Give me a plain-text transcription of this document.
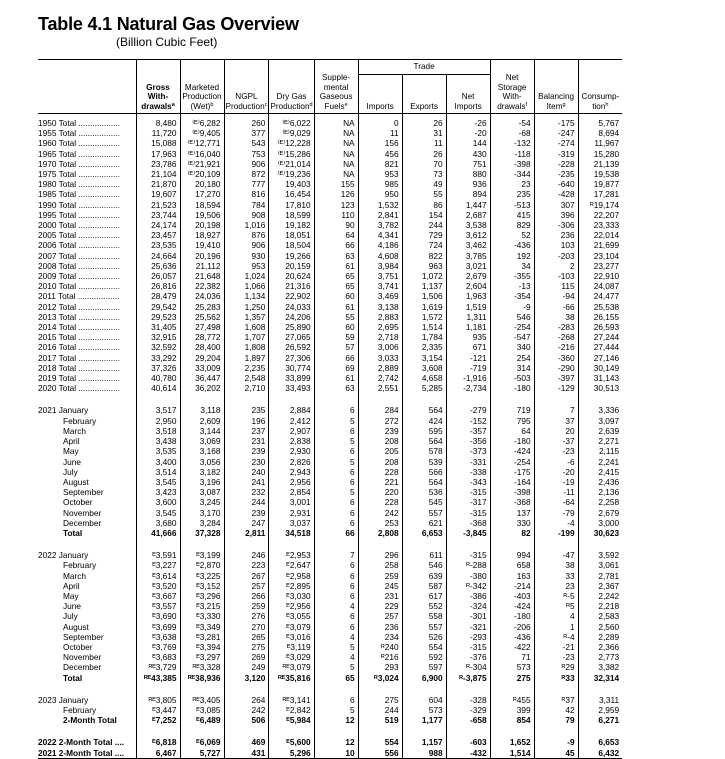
Table 4.1 Natural Gas Overview
(Billion Cubic Feet)
	Gross With- drawals$^a$	Marketed Production (Wet)$^b$	NGPL Production$^c$	Dry Gas Production$^d$	Supple- mental Gaseous Fuels$^e$	Trade			Net Storage With- drawals$^f$	Balancing Item$^g$	Consump- tion$^h$
						Imports	Exports	Net Imports			
1950 Total ..................	8,480	⁽ᴱ⁾6,282	260	⁽ᴱ⁾6,022	NA	0	26	-26	-54	-175	5,767
1955 Total ..................	11,720	⁽ᴱ⁾9,405	377	⁽ᴱ⁾9,029	NA	11	31	-20	-68	-247	8,694
1960 Total ..................	15,088	⁽ᴱ⁾12,771	543	⁽ᴱ⁾12,228	NA	156	11	144	-132	-274	11,967
1965 Total ..................	17,963	⁽ᴱ⁾16,040	753	⁽ᴱ⁾15,286	NA	456	26	430	-118	-319	15,280
1970 Total ..................	23,786	⁽ᴱ⁾21,921	906	⁽ᴱ⁾21,014	NA	821	70	751	-398	-228	21,139
1975 Total ..................	21,104	⁽ᴱ⁾20,109	872	⁽ᴱ⁾19,236	NA	953	73	880	-344	-235	19,538
1980 Total ..................	21,870	20,180	777	19,403	155	985	49	936	23	-640	19,877
1985 Total ..................	19,607	17,270	816	16,454	126	950	55	894	235	-428	17,281
1990 Total ..................	21,523	18,594	784	17,810	123	1,532	86	1,447	-513	307	ᴿ19,174
1995 Total ..................	23,744	19,506	908	18,599	110	2,841	154	2,687	415	396	22,207
2000 Total ..................	24,174	20,198	1,016	19,182	90	3,782	244	3,538	829	-306	23,333
2005 Total ..................	23,457	18,927	876	18,051	64	4,341	729	3,612	52	236	22,014
2006 Total ..................	23,535	19,410	906	18,504	66	4,186	724	3,462	-436	103	21,699
2007 Total ..................	24,664	20,196	930	19,266	63	4,608	822	3,785	192	-203	23,104
2008 Total ..................	25,636	21,112	953	20,159	61	3,984	963	3,021	34	2	23,277
2009 Total ..................	26,057	21,648	1,024	20,624	65	3,751	1,072	2,679	-355	-103	22,910
2010 Total ..................	26,816	22,382	1,066	21,316	65	3,741	1,137	2,604	-13	115	24,087
2011 Total ..................	28,479	24,036	1,134	22,902	60	3,469	1,506	1,963	-354	-94	24,477
2012 Total ..................	29,542	25,283	1,250	24,033	61	3,138	1,619	1,519	-9	-66	25,538
2013 Total ..................	29,523	25,562	1,357	24,206	55	2,883	1,572	1,311	546	38	26,155
2014 Total ..................	31,405	27,498	1,608	25,890	60	2,695	1,514	1,181	-254	-283	26,593
2015 Total ..................	32,915	28,772	1,707	27,065	59	2,718	1,784	935	-547	-268	27,244
2016 Total ..................	32,592	28,400	1,808	26,592	57	3,006	2,335	671	340	-216	27,444
2017 Total ..................	33,292	29,204	1,897	27,306	66	3,033	3,154	-121	254	-360	27,146
2018 Total ..................	37,326	33,009	2,235	30,774	69	2,889	3,608	-719	314	-290	30,149
2019 Total ..................	40,780	36,447	2,548	33,899	61	2,742	4,658	-1,916	-503	-397	31,143
2020 Total ..................	40,614	36,202	2,710	33,493	63	2,551	5,285	-2,734	-180	-129	30,513

2021 January	3,517	3,118	235	2,884	6	284	564	-279	719	7	3,336
February	2,950	2,609	196	2,412	5	272	424	-152	795	37	3,097
March	3,518	3,144	237	2,907	6	239	595	-357	64	20	2,639
April	3,438	3,069	231	2,838	5	208	564	-356	-180	-37	2,271
May	3,535	3,168	239	2,930	6	205	578	-373	-424	-23	2,115
June	3,400	3,056	230	2,826	5	208	539	-331	-254	-6	2,241
July	3,514	3,182	240	2,943	6	228	566	-338	-175	-20	2,415
August	3,545	3,196	241	2,956	6	221	564	-343	-164	-19	2,436
September	3,423	3,087	232	2,854	5	220	536	-315	-398	-11	2,136
October	3,600	3,245	244	3,001	6	228	545	-317	-368	-64	2,258
November	3,545	3,170	239	2,931	6	242	557	-315	137	-79	2,679
December	3,680	3,284	247	3,037	6	253	621	-368	330	-4	3,000
Total	41,666	37,328	2,811	34,518	66	2,808	6,653	-3,845	82	-199	30,623

2022 January	ᴱ3,591	ᴱ3,199	246	ᴱ2,953	7	296	611	-315	994	-47	3,592
February	ᴱ3,227	ᴱ2,870	223	ᴱ2,647	6	258	546	ᴿ-288	658	38	3,061
March	ᴱ3,614	ᴱ3,225	267	ᴱ2,958	6	259	639	-380	163	33	2,781
April	ᴱ3,520	ᴱ3,152	257	ᴱ2,895	6	245	587	ᴿ-342	-214	23	2,367
May	ᴱ3,667	ᴱ3,296	266	ᴱ3,030	6	231	617	-386	-403	ᴿ-5	2,242
June	ᴱ3,557	ᴱ3,215	259	ᴱ2,956	4	229	552	-324	-424	ᴿ5	2,218
July	ᴱ3,690	ᴱ3,330	276	ᴱ3,055	6	257	558	-301	-180	4	2,583
August	ᴱ3,699	ᴱ3,349	270	ᴱ3,079	6	236	557	-321	-206	1	2,560
September	ᴱ3,638	ᴱ3,281	265	ᴱ3,016	4	234	526	-293	-436	ᴿ-4	2,289
October	ᴱ3,769	ᴱ3,394	275	ᴱ3,119	5	ᴿ240	554	-315	-422	-21	2,366
November	ᴱ3,683	ᴱ3,297	269	ᴱ3,029	4	ᴿ216	592	-376	71	-23	2,773
December	ᴿᴱ3,729	ᴿᴱ3,328	249	ᴿᴱ3,079	5	293	597	ᴿ-304	573	ᴿ29	3,382
Total	ᴿᴱ43,385	ᴿᴱ38,936	3,120	ᴿᴱ35,816	65	ᴿ3,024	6,900	ᴿ-3,875	275	ᴿ33	32,314

2023 January	ᴿᴱ3,805	ᴿᴱ3,405	264	ᴿᴱ3,141	6	275	604	-328	ᴿ455	ᴿ37	3,311
February	ᴱ3,447	ᴱ3,085	242	ᴱ2,842	5	244	573	-329	399	42	2,959
2-Month Total	ᴱ7,252	ᴱ6,489	506	ᴱ5,984	12	519	1,177	-658	854	79	6,271

2022 2-Month Total ....	ᴱ6,818	ᴱ6,069	469	ᴱ5,600	12	554	1,157	-603	1,652	-9	6,653
2021 2-Month Total ....	6,467	5,727	431	5,296	10	556	988	-432	1,514	45	6,432
